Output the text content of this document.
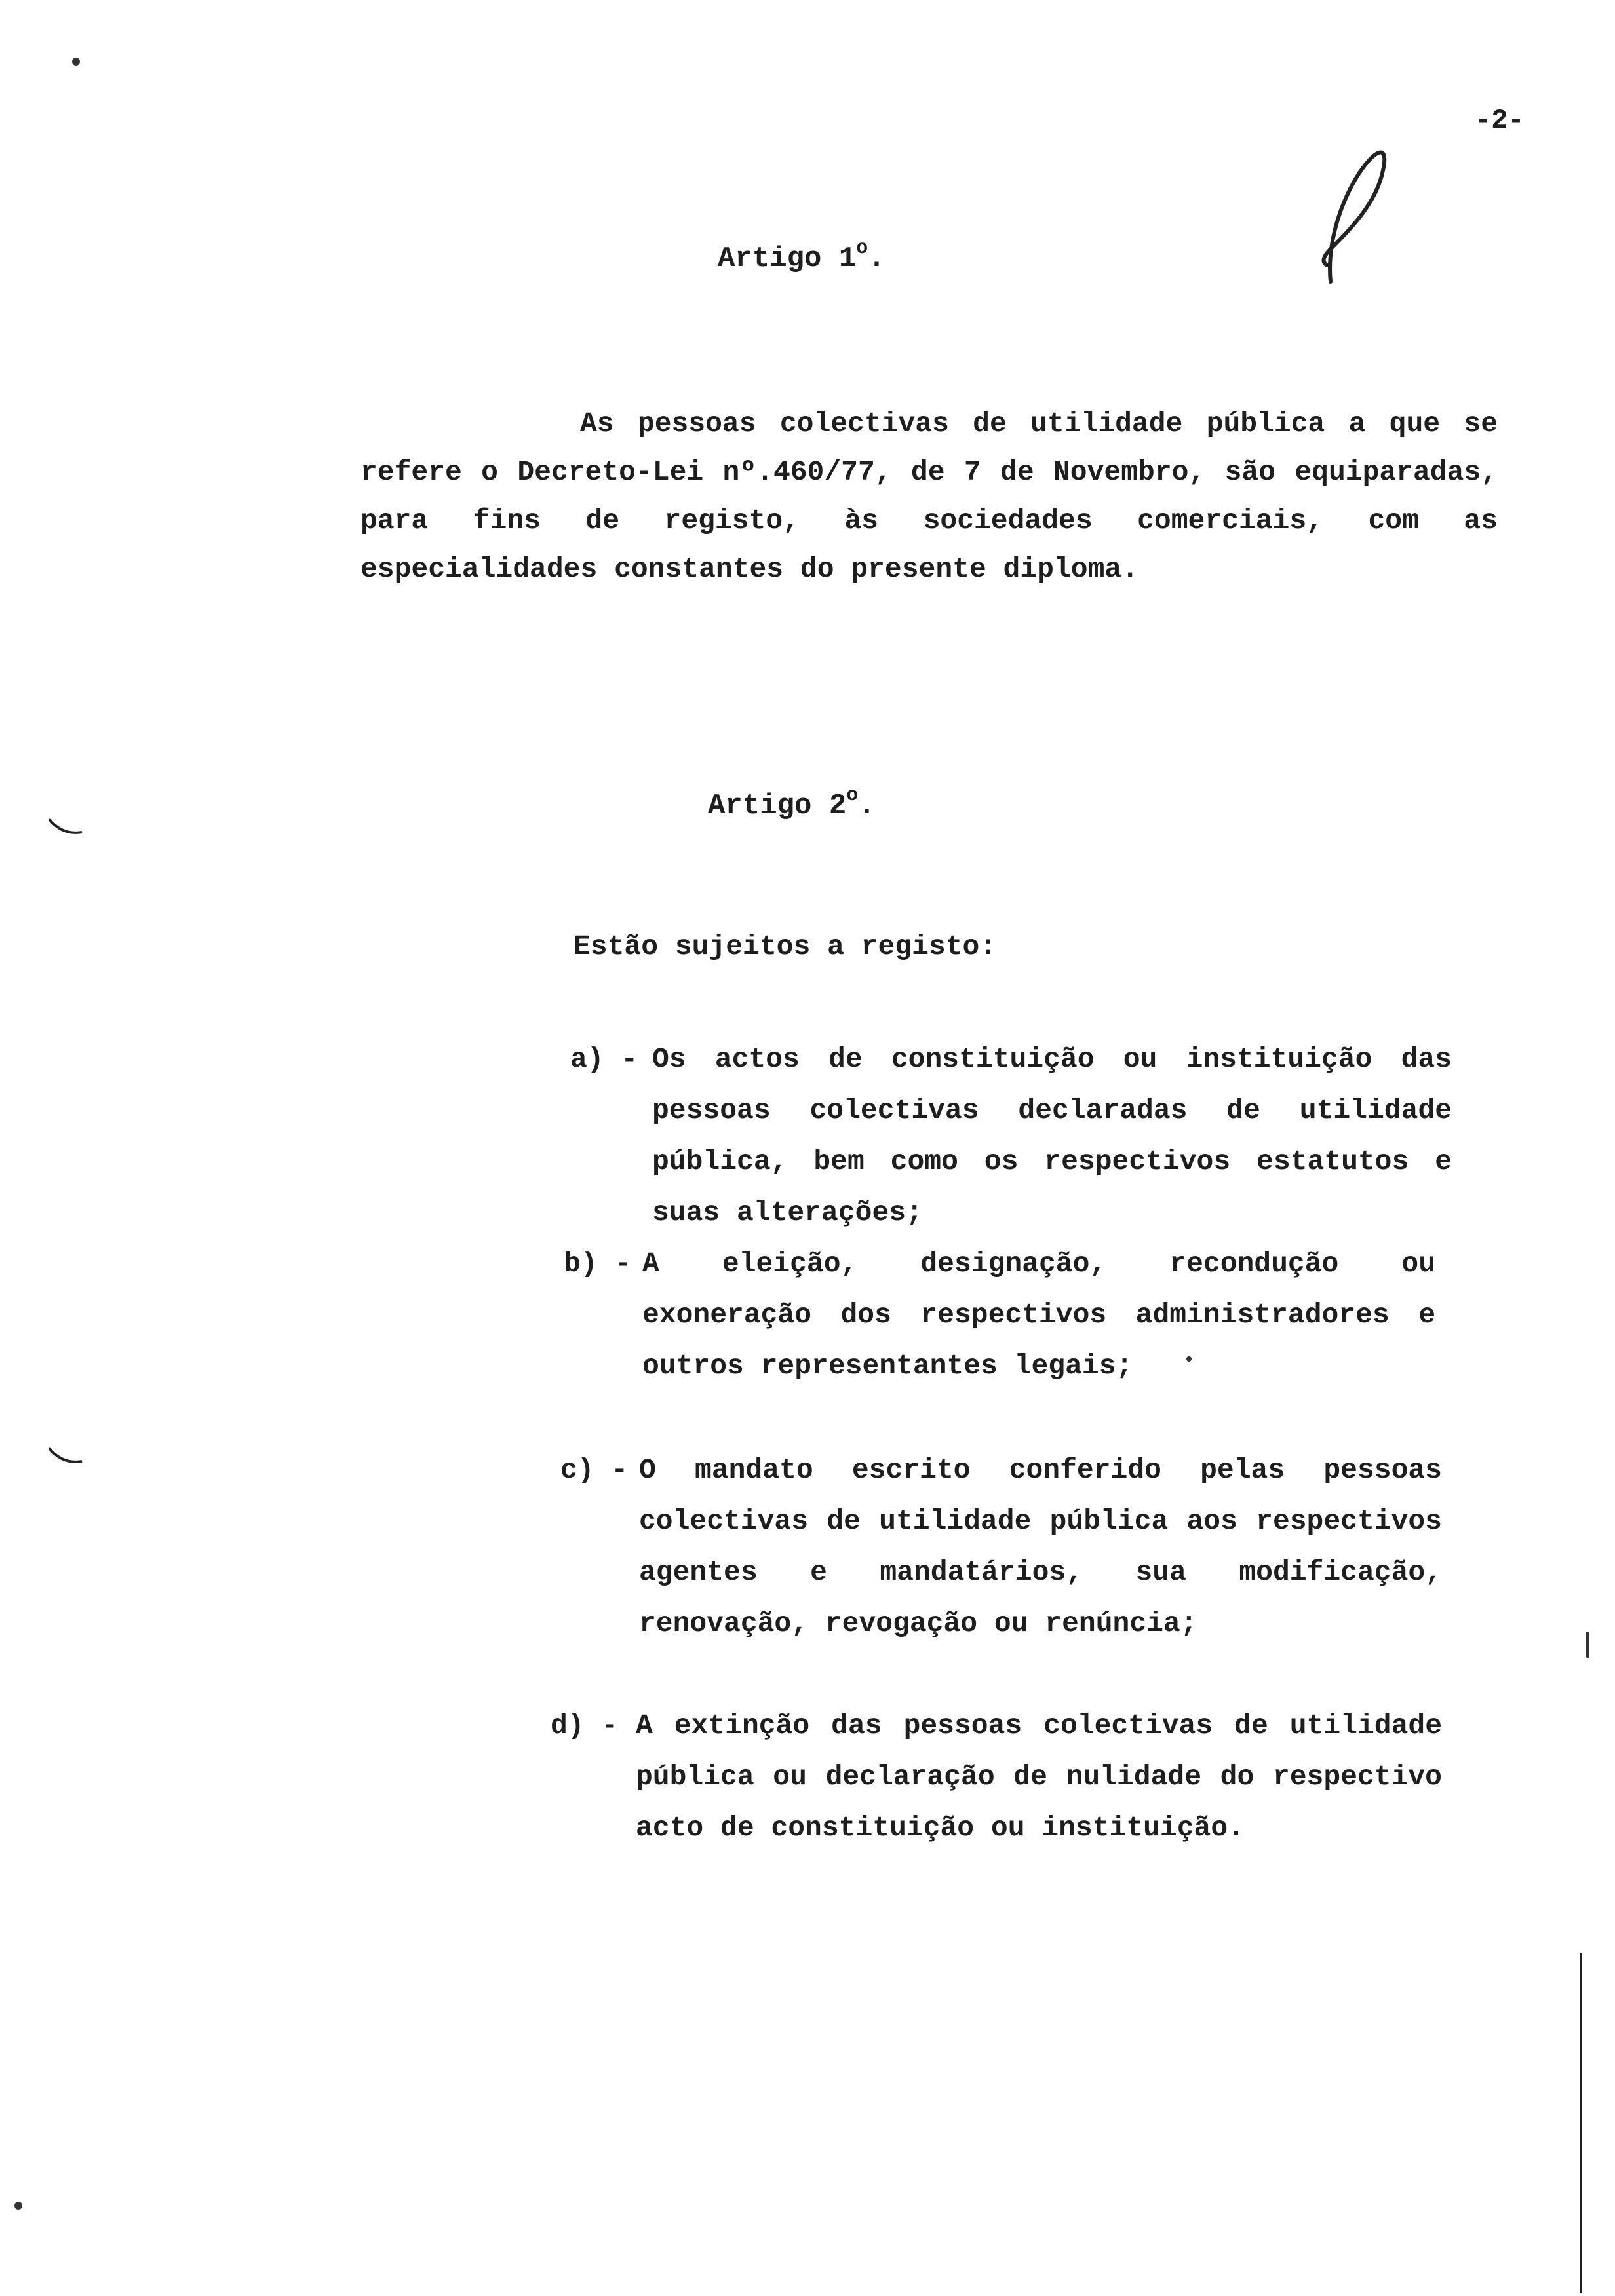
-2-
Artigo 1$^o$.

As pessoas colectivas de utilidade pública a que se refere o Decreto-Lei nº.460/77, de 7 de Novembro, são equiparadas, para fins de registo, às sociedades comerciais, com as especialidades constantes do presente diploma.

Artigo 2$^o$.
Estão sujeitos a registo:
a) - Os actos de constituição ou instituição das pessoas colectivas declaradas de utilidade pública, bem como os respectivos estatutos e suas alterações;
b) - A eleição, designação, recondução ou exoneração dos respectivos administradores e outros representantes legais;
c) - O mandato escrito conferido pelas pessoas colectivas de utilidade pública aos respectivos agentes e mandatários, sua modificação, renovação, revogação ou renúncia;
d) - A extinção das pessoas colectivas de utilidade pública ou declaração de nulidade do respectivo acto de constituição ou instituição.
